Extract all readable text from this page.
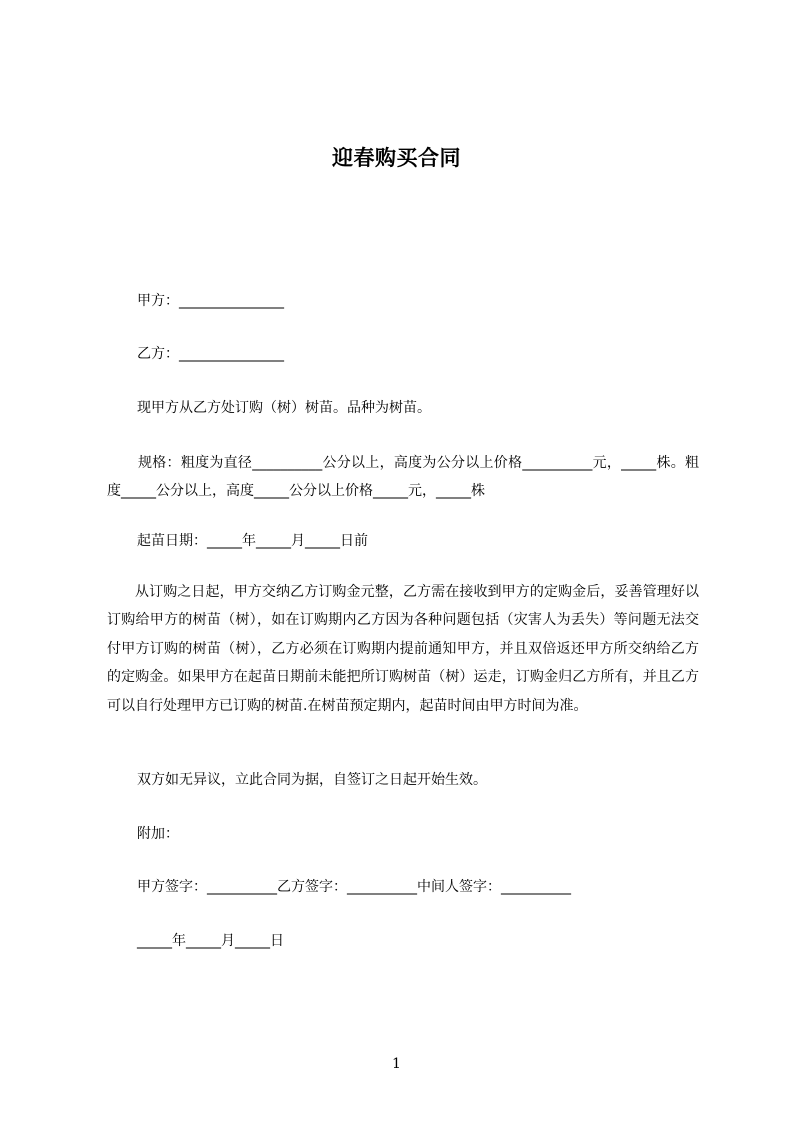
迎春购买合同
甲方：_______________
乙方：_______________
现甲方从乙方处订购（树）树苗。品种为树苗。
规格：粗度为直径__________公分以上，高度为公分以上价格__________元，_____株。粗度_____公分以上，高度_____公分以上价格_____元，_____株
起苗日期：_____年_____月_____日前
从订购之日起，甲方交纳乙方订购金元整，乙方需在接收到甲方的定购金后，妥善管理好以订购给甲方的树苗（树），如在订购期内乙方因为各种问题包括（灾害人为丢失）等问题无法交付甲方订购的树苗（树），乙方必须在订购期内提前通知甲方，并且双倍返还甲方所交纳给乙方的定购金。如果甲方在起苗日期前未能把所订购树苗（树）运走，订购金归乙方所有，并且乙方可以自行处理甲方已订购的树苗.在树苗预定期内，起苗时间由甲方时间为准。
双方如无异议，立此合同为据，自签订之日起开始生效。
附加：
甲方签字：__________乙方签字：__________中间人签字：__________
_____年_____月_____日
1
